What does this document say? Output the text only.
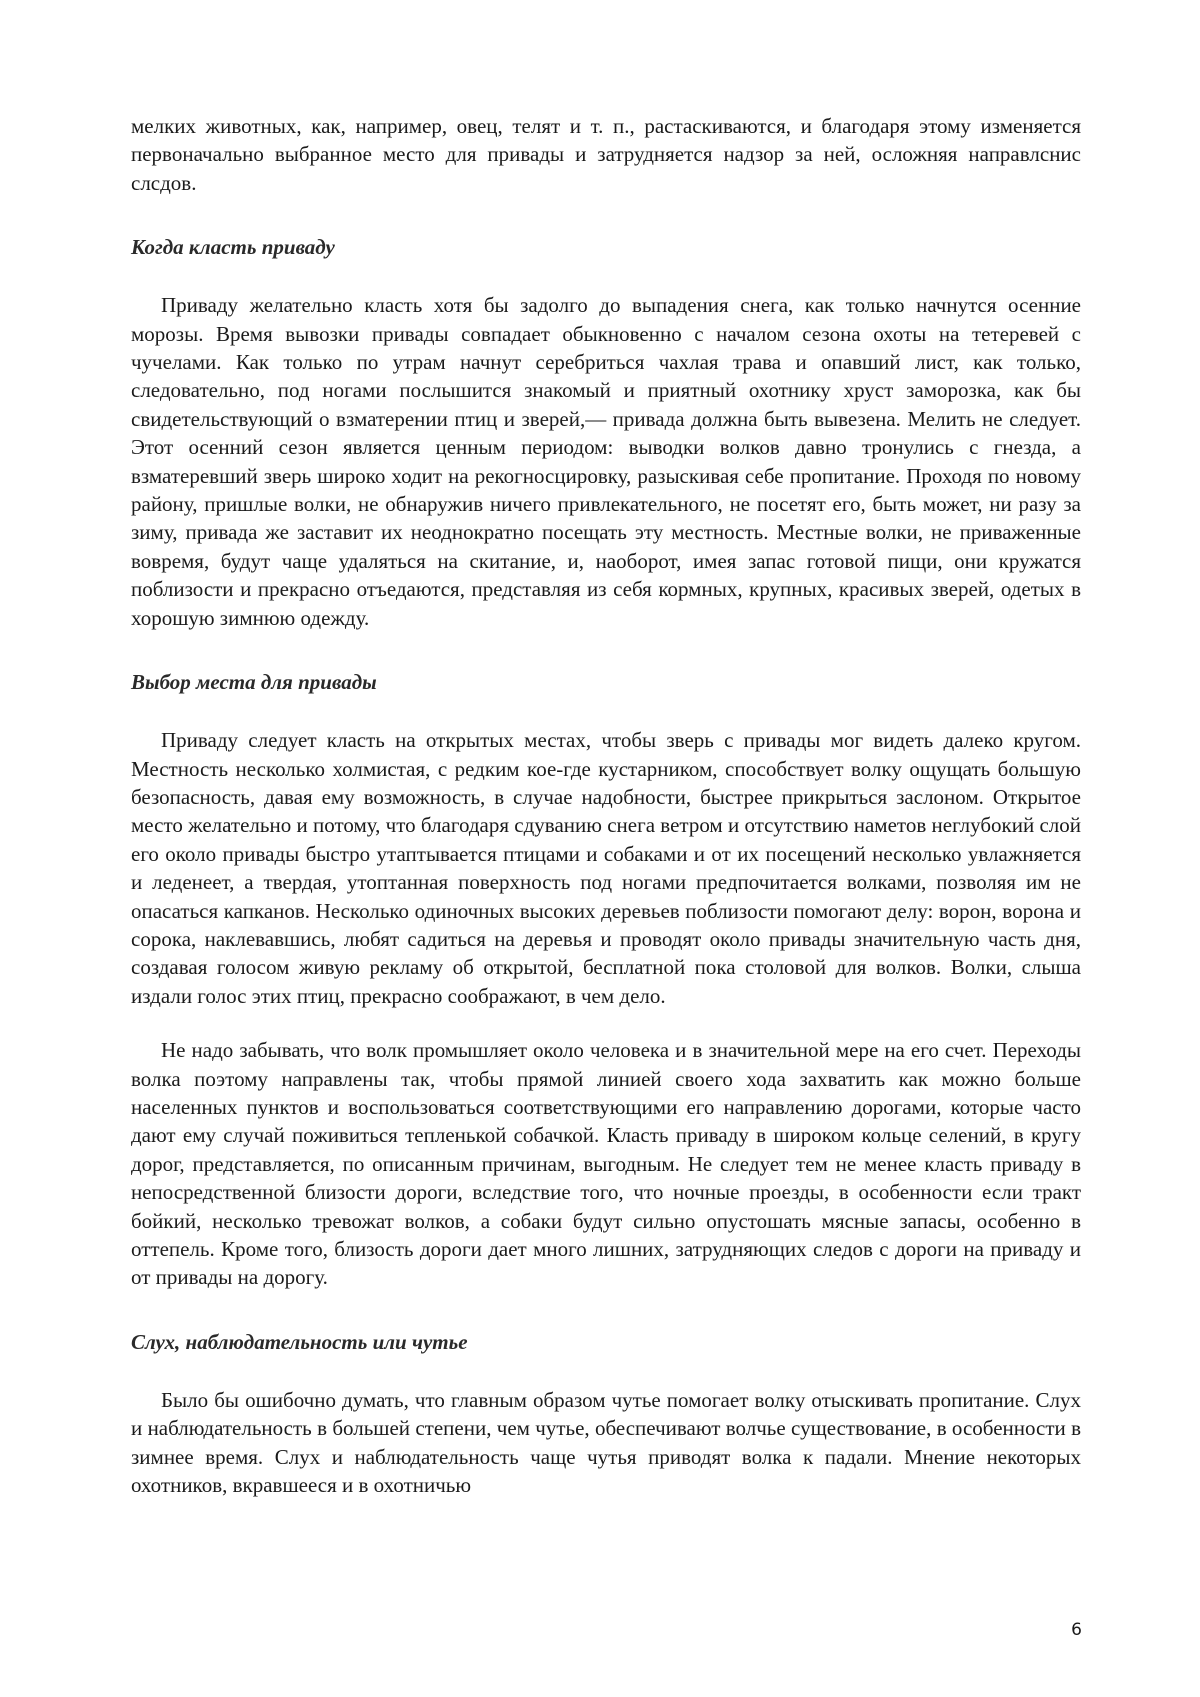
мелких животных, как, например, овец, телят и т. п., растаскиваются, и благодаря этому изменяется первоначально выбранное место для привады и затрудняется надзор за ней, осложняя направлснис слсдов.

Когда класть приваду

Приваду желательно класть хотя бы задолго до выпадения снега, как только начнутся осенние морозы. Время вывозки привады совпадает обыкновенно с началом сезона охоты на тетеревей с чучелами. Как только по утрам начнут серебриться чахлая трава и опавший лист, как только, следовательно, под ногами послышится знакомый и приятный охотнику хруст заморозка, как бы свидетельствующий о взматерении птиц и зверей,— привада должна быть вывезена. Мелить не следует. Этот осенний сезон является ценным периодом: выводки волков давно тронулись с гнезда, а взматеревший зверь широко ходит на рекогносцировку, разыскивая себе пропитание. Проходя по новому району, пришлые волки, не обнаружив ничего привлекательного, не посетят его, быть может, ни разу за зиму, привада же заставит их неоднократно посещать эту местность. Местные волки, не приваженные вовремя, будут чаще удаляться на скитание, и, наоборот, имея запас готовой пищи, они кружатся поблизости и прекрасно отъедаются, представляя из себя кормных, крупных, красивых зверей, одетых в хорошую зимнюю одежду.

Выбор места для привады

Приваду следует класть на открытых местах, чтобы зверь с привады мог видеть далеко кругом. Местность несколько холмистая, с редким кое-где кустарником, способствует волку ощущать большую безопасность, давая ему возможность, в случае надобности, быстрее прикрыться заслоном. Открытое место желательно и потому, что благодаря сдуванию снега ветром и отсутствию наметов неглубокий слой его около привады быстро утаптывается птицами и собаками и от их посещений несколько увлажняется и леденеет, а твердая, утоптанная поверхность под ногами предпочитается волками, позволяя им не опасаться капканов. Несколько одиночных высоких деревьев поблизости помогают делу: ворон, ворона и сорока, наклевавшись, любят садиться на деревья и проводят около привады значительную часть дня, создавая голосом живую рекламу об открытой, бесплатной пока столовой для волков. Волки, слыша издали голос этих птиц, прекрасно соображают, в чем дело.

Не надо забывать, что волк промышляет около человека и в значительной мере на его счет. Переходы волка поэтому направлены так, чтобы прямой линией своего хода захватить как можно больше населенных пунктов и воспользоваться соответствующими его направлению дорогами, которые часто дают ему случай поживиться тепленькой собачкой. Класть приваду в широком кольце селений, в кругу дорог, представляется, по описанным причинам, выгодным. Не следует тем не менее класть приваду в непосредственной близости дороги, вследствие того, что ночные проезды, в особенности если тракт бойкий, несколько тревожат волков, а собаки будут сильно опустошать мясные запасы, особенно в оттепель. Кроме того, близость дороги дает много лишних, затрудняющих следов с дороги на приваду и от привады на дорогу.

Слух, наблюдательность или чутье

Было бы ошибочно думать, что главным образом чутье помогает волку отыскивать пропитание. Слух и наблюдательность в большей степени, чем чутье, обеспечивают волчье существование, в особенности в зимнее время. Слух и наблюдательность чаще чутья приводят волка к падали. Мнение некоторых охотников, вкравшееся и в охотничью

6
